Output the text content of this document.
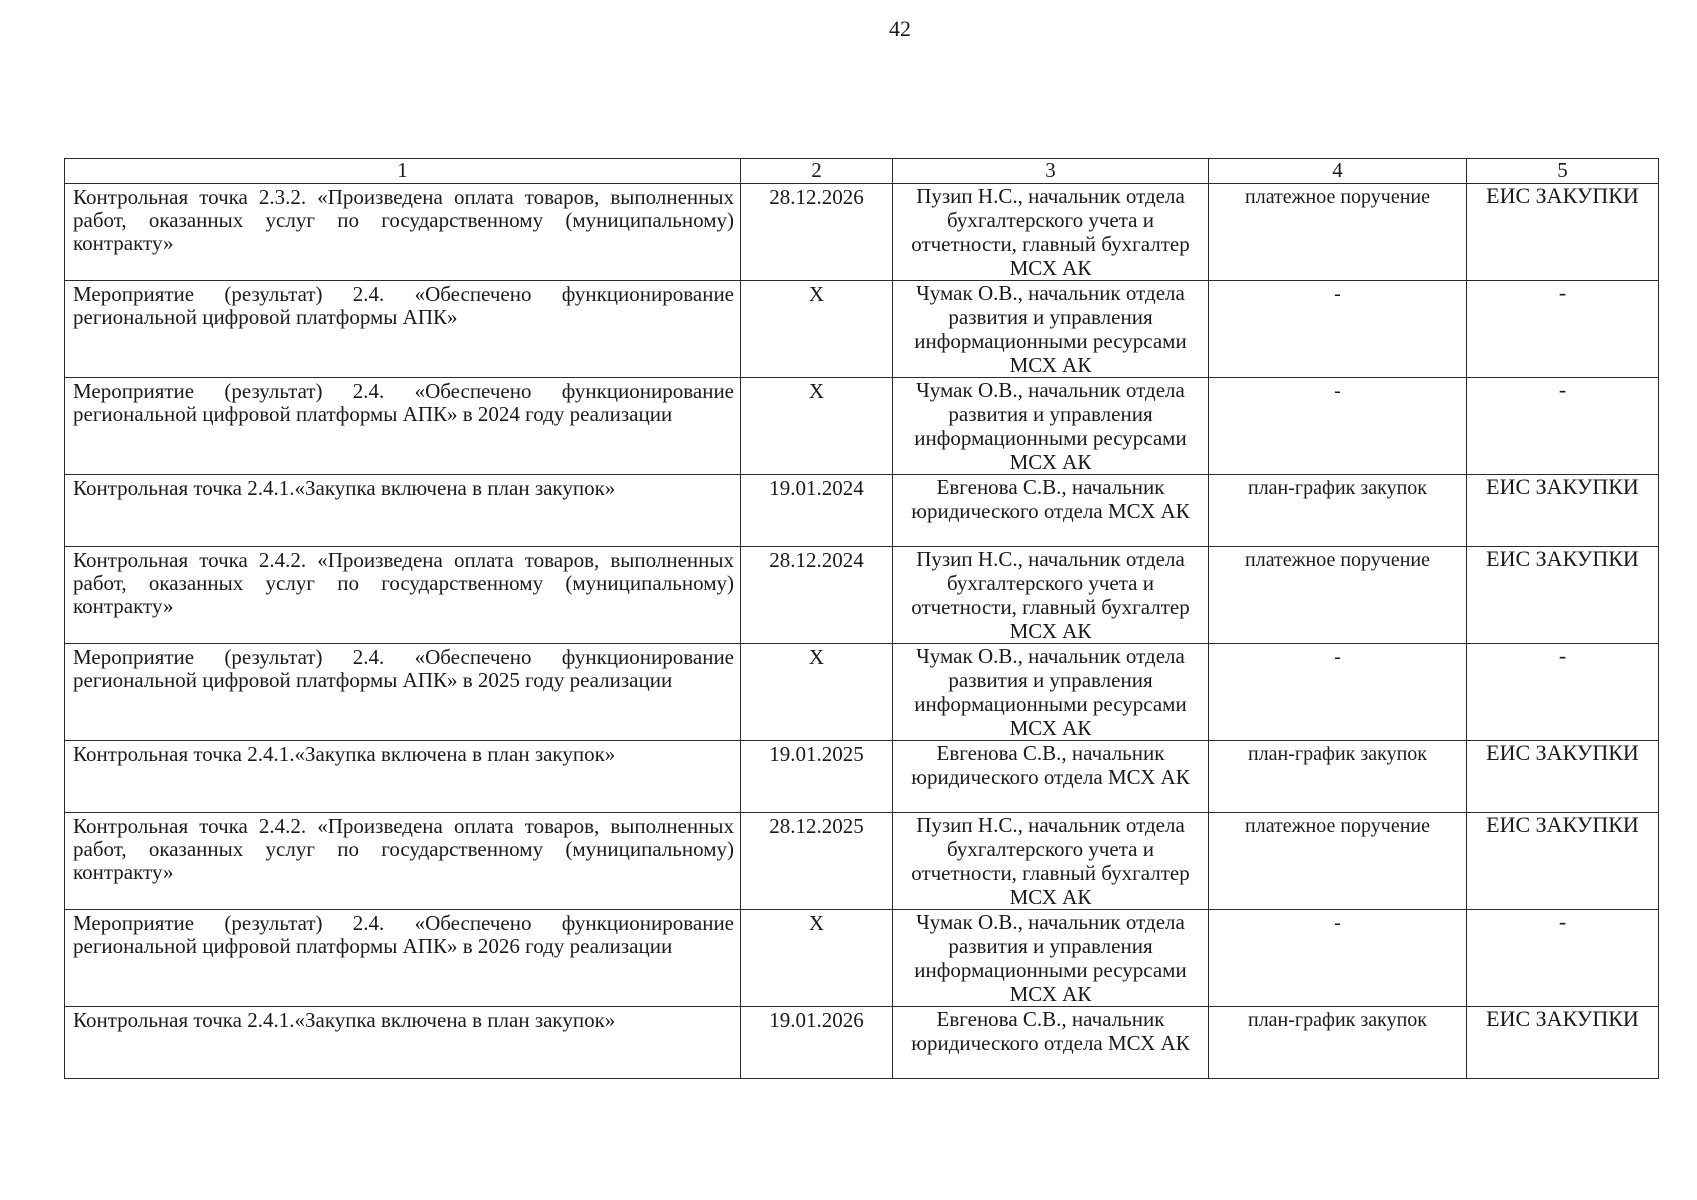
42
1	2	3	4	5
Контрольная точка 2.3.2. «Произведена оплата товаров, выполненных работ, оказанных услуг по государственному (муниципальному) контракту»	28.12.2026	Пузип Н.С., начальник отдела бухгалтерского учета и отчетности, главный бухгалтер МСХ АК	платежное поручение	ЕИС ЗАКУПКИ
Мероприятие (результат) 2.4. «Обеспечено функционирование региональной цифровой платформы АПК»	X	Чумак О.В., начальник отдела развития и управления информационными ресурсами МСХ АК	-	-
Мероприятие (результат) 2.4. «Обеспечено функционирование региональной цифровой платформы АПК» в 2024 году реализации	X	Чумак О.В., начальник отдела развития и управления информационными ресурсами МСХ АК	-	-
Контрольная точка 2.4.1.«Закупка включена в план закупок»	19.01.2024	Евгенова С.В., начальник юридического отдела МСХ АК	план-график закупок	ЕИС ЗАКУПКИ
Контрольная точка 2.4.2. «Произведена оплата товаров, выполненных работ, оказанных услуг по государственному (муниципальному) контракту»	28.12.2024	Пузип Н.С., начальник отдела бухгалтерского учета и отчетности, главный бухгалтер МСХ АК	платежное поручение	ЕИС ЗАКУПКИ
Мероприятие (результат) 2.4. «Обеспечено функционирование региональной цифровой платформы АПК» в 2025 году реализации	X	Чумак О.В., начальник отдела развития и управления информационными ресурсами МСХ АК	-	-
Контрольная точка 2.4.1.«Закупка включена в план закупок»	19.01.2025	Евгенова С.В., начальник юридического отдела МСХ АК	план-график закупок	ЕИС ЗАКУПКИ
Контрольная точка 2.4.2. «Произведена оплата товаров, выполненных работ, оказанных услуг по государственному (муниципальному) контракту»	28.12.2025	Пузип Н.С., начальник отдела бухгалтерского учета и отчетности, главный бухгалтер МСХ АК	платежное поручение	ЕИС ЗАКУПКИ
Мероприятие (результат) 2.4. «Обеспечено функционирование региональной цифровой платформы АПК» в 2026 году реализации	X	Чумак О.В., начальник отдела развития и управления информационными ресурсами МСХ АК	-	-
Контрольная точка 2.4.1.«Закупка включена в план закупок»	19.01.2026	Евгенова С.В., начальник юридического отдела МСХ АК	план-график закупок	ЕИС ЗАКУПКИ
